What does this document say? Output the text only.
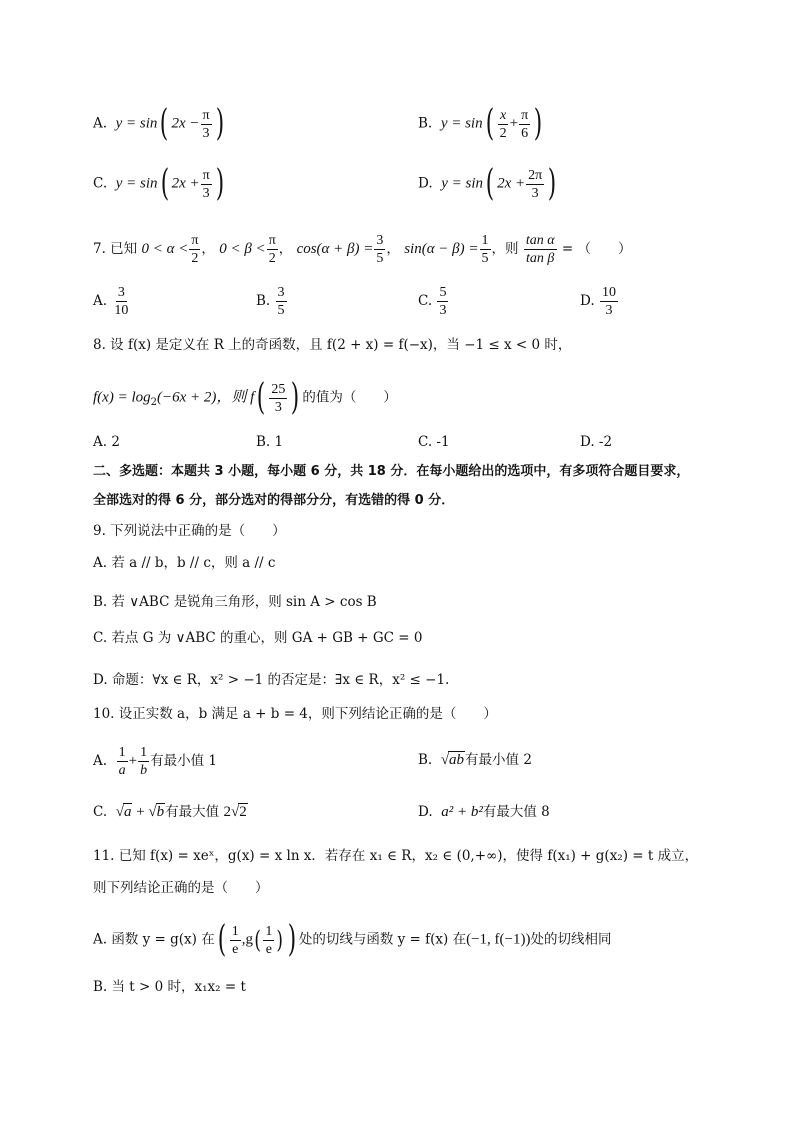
A. y = sin( $2x - \frac{\pi}{3}$ )	B. $y = \sin( \frac{x}{2} + \frac{\pi}{6}$ )
C. y = sin( $2x + \frac{\pi}{3}$ )	D. y = sin( $2x + \frac{2\pi}{3}$ )
7. 已知 $0 < \alpha < \frac{\pi}{2}$ ， $0 < \beta < \frac{\pi}{2}$ ， $\cos(\alpha + \beta) = \frac{3}{5}$ ， $\sin(\alpha - \beta) = \frac{1}{5}$ ，则 $\frac{\text{tan α}}{\text{tan β}}$ = （　　）
A. $\frac{3}{10}$	B. $\frac{3}{5}$	C. $\frac{5}{3}$	D. $\frac{10}{3}$
8. 设 f(x) 是定义在 R 上的奇函数，且 f(2 + x) = f(−x)，当 −1 ≤ x < 0 时，
$f(x) = \log_2(-6x + 2)$，则 $f( \frac{25}{3}$ ) 的值为（　　）
A. 2	B. 1	C. -1	D. -2
二、多选题：本题共 3 小题，每小题 6 分，共 18 分．在每小题给出的选项中，有多项符合题目要求，
全部选对的得 6 分，部分选对的得部分分，有选错的得 0 分．
9. 下列说法中正确的是（　　）
A. 若 a // b，b // c，则 a // c
B. 若 ∨ABC 是锐角三角形，则 sin A > cos B
C. 若点 G 为 ∨ABC 的重心，则 GA + GB + GC = 0
D. 命题：∀x ∈ R，x² > −1 的否定是：∃x ∈ R，x² ≤ −1.
10. 设正实数 a，b 满足 a + b = 4，则下列结论正确的是（　　）
A. $\frac{1}{a} + \frac{1}{b}$ 有最小值 1	B. √ab有最小值 2
C. √a + √b有最大值 2√2	D. a² + b²有最大值 8
11. 已知 f(x) = xeˣ，g(x) = x ln x．若存在 x₁ ∈ R，x₂ ∈ (0,+∞)，使得 f(x₁) + g(x₂) = t 成立，
则下列结论正确的是（　　）
A. 函数 y = g(x) 在( $\frac{1}{e} ,g( \frac{1}{e}$ ) ) 处的切线与函数 y = f(x) 在(−1, f(−1))处的切线相同
B. 当 t > 0 时，x₁x₂ = t
